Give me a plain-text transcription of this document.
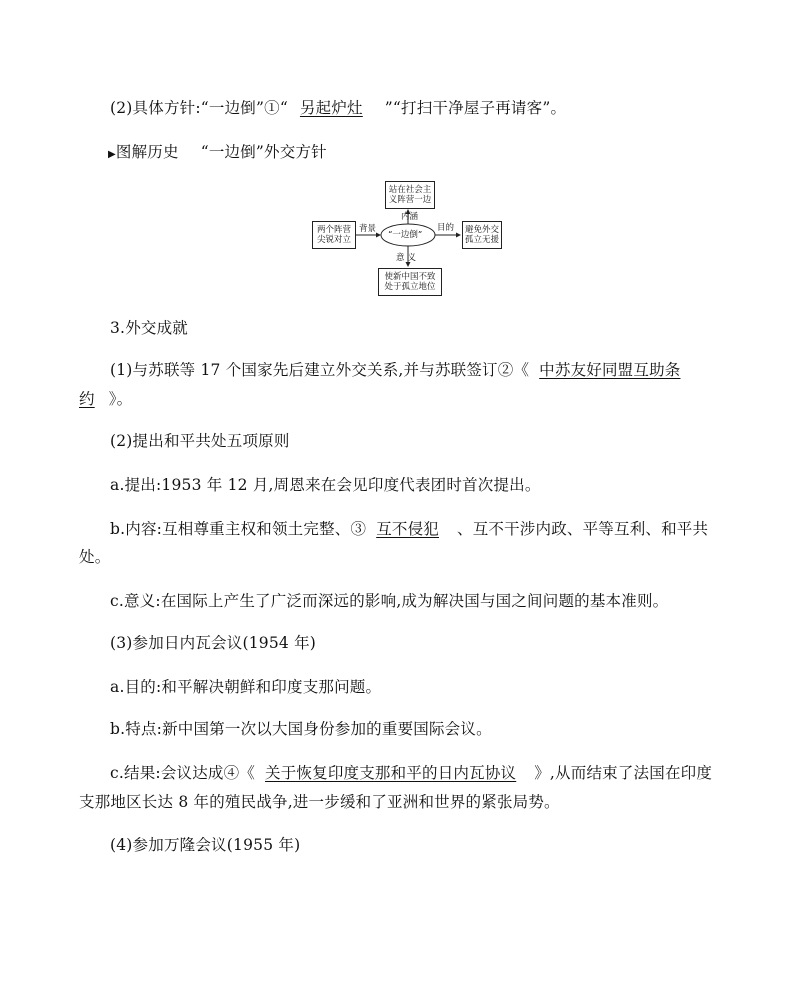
(2)具体方针:“一边倒”①“ 另起炉灶 ”“打扫干净屋子再请客”。
▶图解历史 “一边倒”外交方针
站在社会主
义阵营一边
两个阵营
尖锐对立	“一边倒”
避免外交
孤立无援
使新中国不致
处于孤立地位
内涵
背景	目的
意义
3.外交成就
(1)与苏联等 17 个国家先后建立外交关系,并与苏联签订②《 中苏友好同盟互助条
约 》。
(2)提出和平共处五项原则
a.提出:1953 年 12 月,周恩来在会见印度代表团时首次提出。
b.内容:互相尊重主权和领土完整、③ 互不侵犯 、互不干涉内政、平等互利、和平共
处。
c.意义:在国际上产生了广泛而深远的影响,成为解决国与国之间问题的基本准则。
(3)参加日内瓦会议(1954 年)
a.目的:和平解决朝鲜和印度支那问题。
b.特点:新中国第一次以大国身份参加的重要国际会议。
c.结果:会议达成④《 关于恢复印度支那和平的日内瓦协议 》,从而结束了法国在印度
支那地区长达 8 年的殖民战争,进一步缓和了亚洲和世界的紧张局势。
(4)参加万隆会议(1955 年)
